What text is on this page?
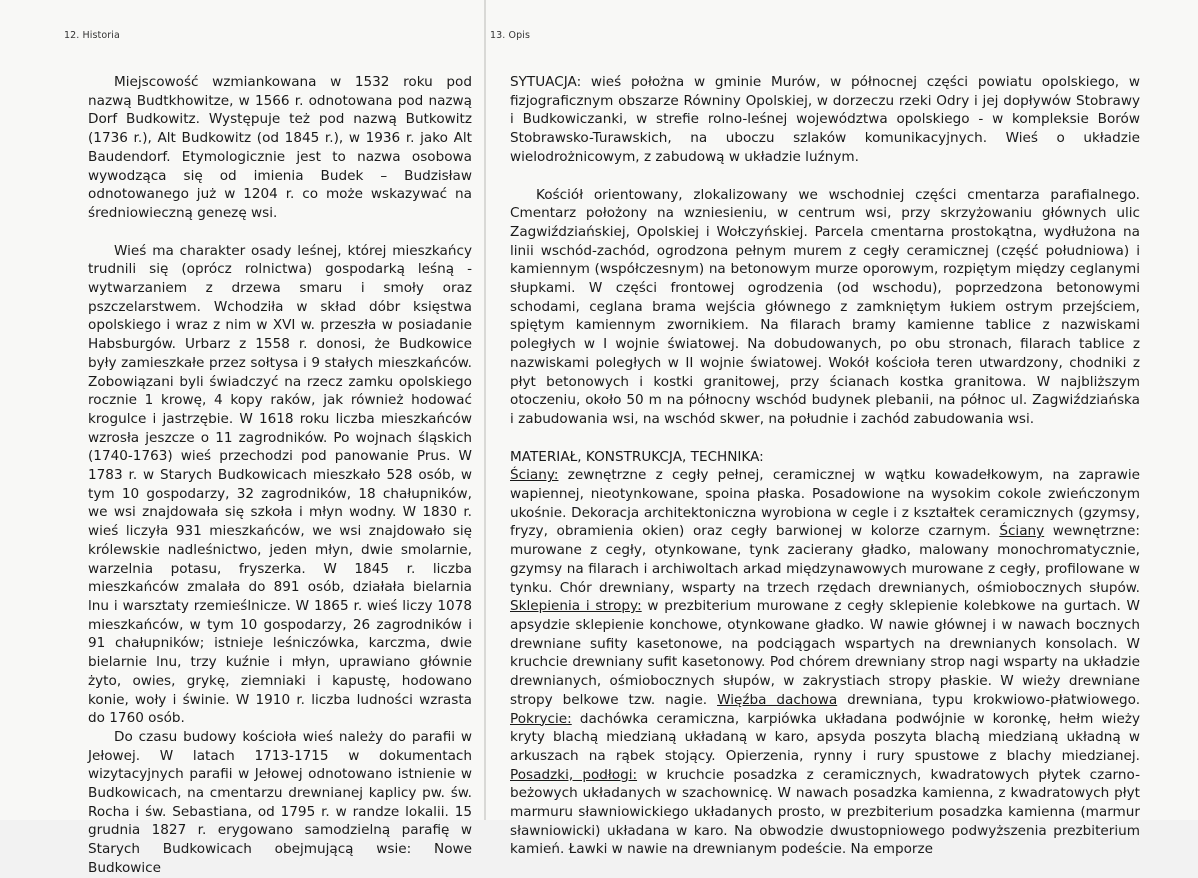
12. Historia

Miejscowość wzmiankowana w 1532 roku pod nazwą Budtkhowitze, w 1566 r. odnotowana pod nazwą Dorf Budkowitz. Występuje też pod nazwą Butkowitz (1736 r.), Alt Budkowitz (od 1845 r.), w 1936 r. jako Alt Baudendorf. Etymologicznie jest to nazwa osobowa wywodząca się od imienia Budek – Budzisław odnotowanego już w 1204 r. co może wskazywać na średniowieczną genezę wsi.

Wieś ma charakter osady leśnej, której mieszkańcy trudnili się (oprócz rolnictwa) gospodarką leśną - wytwarzaniem z drzewa smaru i smoły oraz pszczelarstwem. Wchodziła w skład dóbr księstwa opolskiego i wraz z nim w XVI w. przeszła w posiadanie Habsburgów. Urbarz z 1558 r. donosi, że Budkowice były zamieszkałe przez sołtysa i 9 stałych mieszkańców. Zobowiązani byli świadczyć na rzecz zamku opolskiego rocznie 1 krowę, 4 kopy raków, jak również hodować krogulce i jastrzębie. W 1618 roku liczba mieszkańców wzrosła jeszcze o 11 zagrodników. Po wojnach śląskich (1740-1763) wieś przechodzi pod panowanie Prus. W 1783 r. w Starych Budkowicach mieszkało 528 osób, w tym 10 gospodarzy, 32 zagrodników, 18 chałupników, we wsi znajdowała się szkoła i młyn wodny. W 1830 r. wieś liczyła 931 mieszkańców, we wsi znajdowało się królewskie nadleśnictwo, jeden młyn, dwie smolarnie, warzelnia potasu, fryszerka. W 1845 r. liczba mieszkańców zmalała do 891 osób, działała bielarnia lnu i warsztaty rzemieślnicze. W 1865 r. wieś liczy 1078 mieszkańców, w tym 10 gospodarzy, 26 zagrodników i 91 chałupników; istnieje leśniczówka, karczma, dwie bielarnie lnu, trzy kuźnie i młyn, uprawiano głównie żyto, owies, grykę, ziemniaki i kapustę, hodowano konie, woły i świnie. W 1910 r. liczba ludności wzrasta do 1760 osób.

Do czasu budowy kościoła wieś należy do parafii w Jełowej. W latach 1713-1715 w dokumentach wizytacyjnych parafii w Jełowej odnotowano istnienie w Budkowicach, na cmentarzu drewnianej kaplicy pw. św. Rocha i św. Sebastiana, od 1795 r. w randze lokalii. 15 grudnia 1827 r. erygowano samodzielną parafię w Starych Budkowicach obejmującą wsie: Nowe Budkowice

13. Opis

SYTUACJA: wieś położna w gminie Murów, w północnej części powiatu opolskiego, w fizjograficznym obszarze Równiny Opolskiej, w dorzeczu rzeki Odry i jej dopływów Stobrawy i Budkowiczanki, w strefie rolno-leśnej województwa opolskiego - w kompleksie Borów Stobrawsko-Turawskich, na uboczu szlaków komunikacyjnych. Wieś o układzie wielodrożnicowym, z zabudową w układzie luźnym.

Kościół orientowany, zlokalizowany we wschodniej części cmentarza parafialnego. Cmentarz położony na wzniesieniu, w centrum wsi, przy skrzyżowaniu głównych ulic Zagwiździańskiej, Opolskiej i Wołczyńskiej. Parcela cmentarna prostokątna, wydłużona na linii wschód-zachód, ogrodzona pełnym murem z cegły ceramicznej (część południowa) i kamiennym (współczesnym) na betonowym murze oporowym, rozpiętym między ceglanymi słupkami. W części frontowej ogrodzenia (od wschodu), poprzedzona betonowymi schodami, ceglana brama wejścia głównego z zamkniętym łukiem ostrym przejściem, spiętym kamiennym zwornikiem. Na filarach bramy kamienne tablice z nazwiskami poległych w I wojnie światowej. Na dobudowanych, po obu stronach, filarach tablice z nazwiskami poległych w II wojnie światowej. Wokół kościoła teren utwardzony, chodniki z płyt betonowych i kostki granitowej, przy ścianach kostka granitowa. W najbliższym otoczeniu, około 50 m na północny wschód budynek plebanii, na północ ul. Zagwiździańska i zabudowania wsi, na wschód skwer, na południe i zachód zabudowania wsi.

MATERIAŁ, KONSTRUKCJA, TECHNIKA:

Ściany: zewnętrzne z cegły pełnej, ceramicznej w wątku kowadełkowym, na zaprawie wapiennej, nieotynkowane, spoina płaska. Posadowione na wysokim cokole zwieńczonym ukośnie. Dekoracja architektoniczna wyrobiona w cegle i z kształtek ceramicznych (gzymsy, fryzy, obramienia okien) oraz cegły barwionej w kolorze czarnym. Ściany wewnętrzne: murowane z cegły, otynkowane, tynk zacierany gładko, malowany monochromatycznie, gzymsy na filarach i archiwoltach arkad międzynawowych murowane z cegły, profilowane w tynku. Chór drewniany, wsparty na trzech rzędach drewnianych, ośmiobocznych słupów. Sklepienia i stropy: w prezbiterium murowane z cegły sklepienie kolebkowe na gurtach. W apsydzie sklepienie konchowe, otynkowane gładko. W nawie głównej i w nawach bocznych drewniane sufity kasetonowe, na podciągach wspartych na drewnianych konsolach. W kruchcie drewniany sufit kasetonowy. Pod chórem drewniany strop nagi wsparty na układzie drewnianych, ośmiobocznych słupów, w zakrystiach stropy płaskie. W wieży drewniane stropy belkowe tzw. nagie. Więźba dachowa drewniana, typu krokwiowo-płatwiowego. Pokrycie: dachówka ceramiczna, karpiówka układana podwójnie w koronkę, hełm wieży kryty blachą miedzianą układaną w karo, apsyda poszyta blachą miedzianą układną w arkuszach na rąbek stojący. Opierzenia, rynny i rury spustowe z blachy miedzianej. Posadzki, podłogi: w kruchcie posadzka z ceramicznych, kwadratowych płytek czarno-beżowych układanych w szachownicę. W nawach posadzka kamienna, z kwadratowych płyt marmuru sławniowickiego układanych prosto, w prezbiterium posadzka kamienna (marmur sławniowicki) układana w karo. Na obwodzie dwustopniowego podwyższenia prezbiterium kamień. Ławki w nawie na drewnianym podeście. Na emporze
